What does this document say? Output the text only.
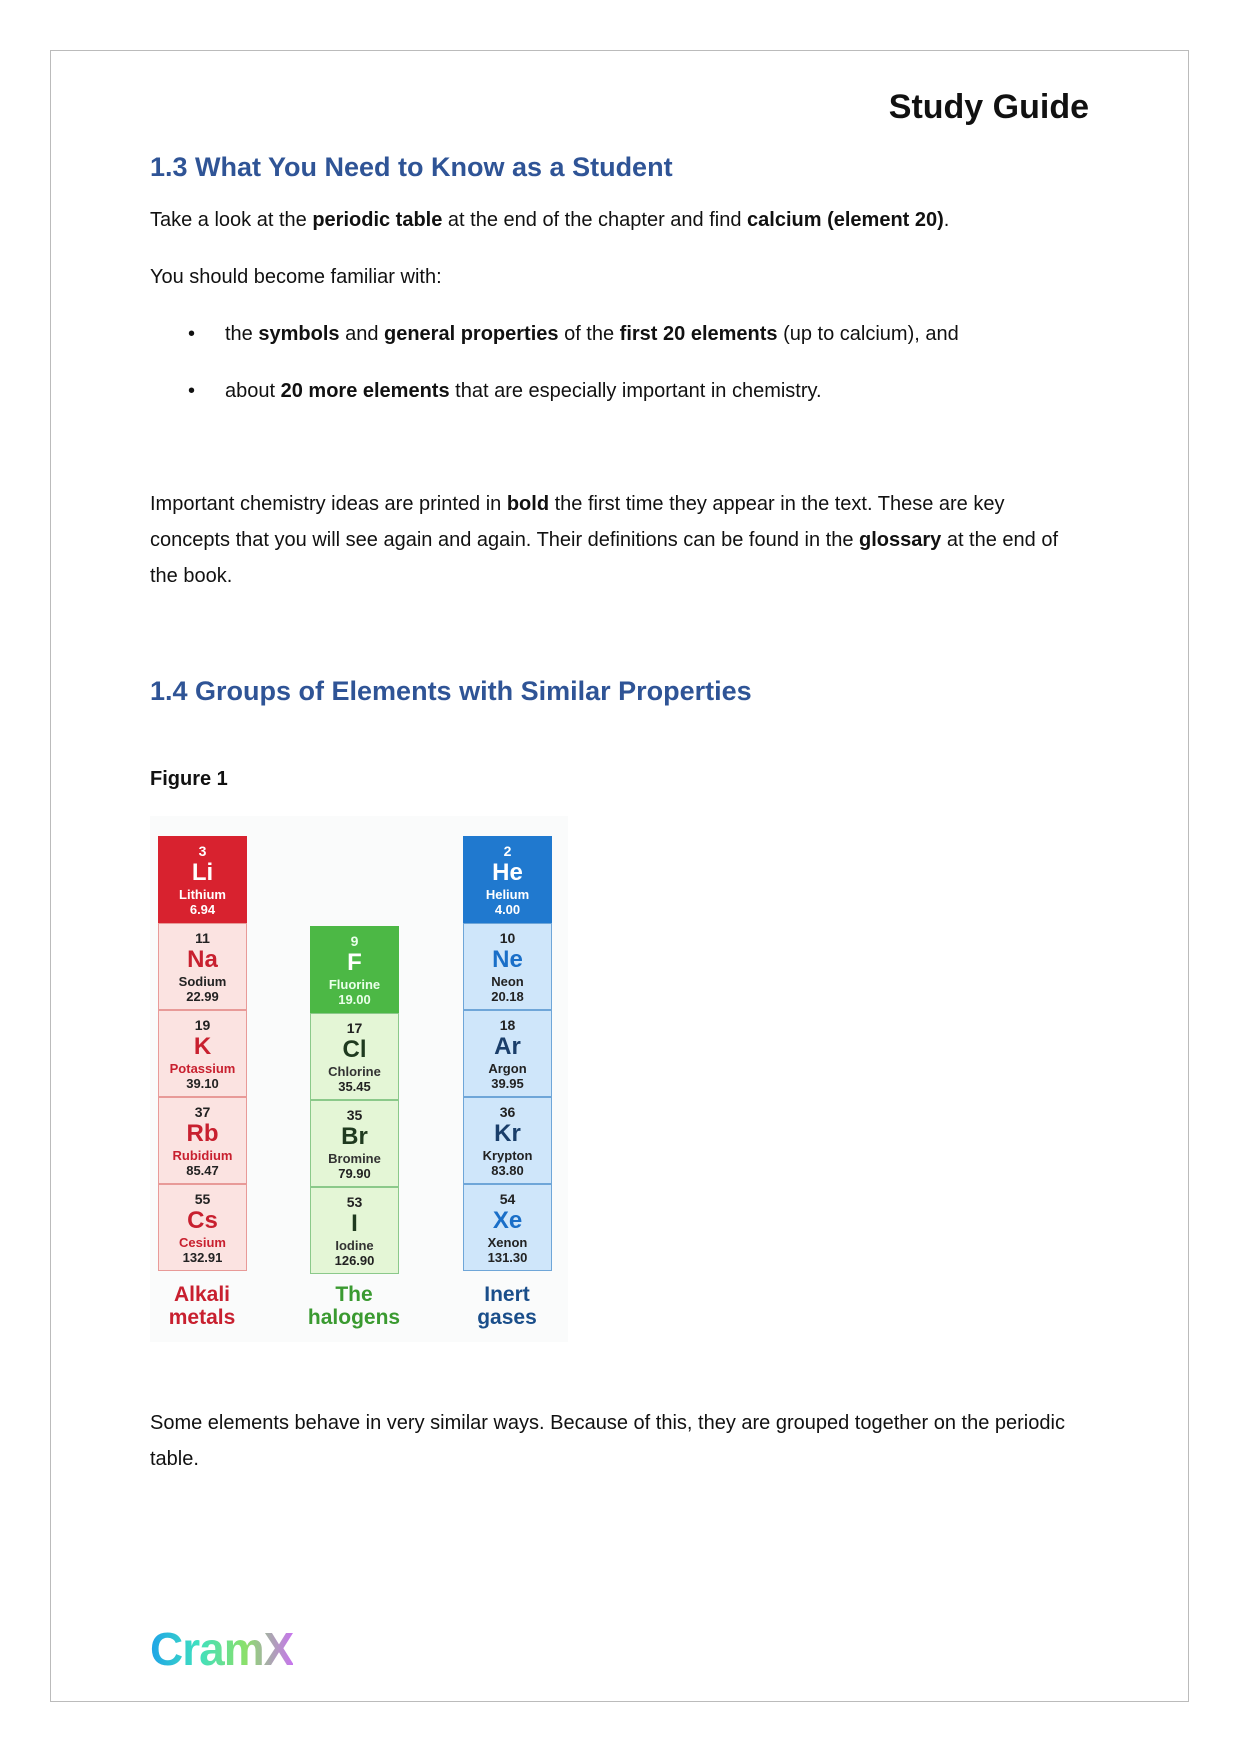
Study Guide
1.3 What You Need to Know as a Student
Take a look at the periodic table at the end of the chapter and find calcium (element 20).
You should become familiar with:
• the symbols and general properties of the first 20 elements (up to calcium), and
• about 20 more elements that are especially important in chemistry.
Important chemistry ideas are printed in bold the first time they appear in the text. These are key concepts that you will see again and again. Their definitions can be found in the glossary at the end of the book.
1.4 Groups of Elements with Similar Properties
Figure 1
3
Li
Lithium
6.94
11
Na
Sodium
22.99
19
K
Potassium
39.10
37
Rb
Rubidium
85.47
55
Cs
Cesium
132.91
Alkali
metals
9
F
Fluorine
19.00
17
Cl
Chlorine
35.45
35
Br
Bromine
79.90
53
I
Iodine
126.90
The
halogens
2
He
Helium
4.00
10
Ne
Neon
20.18
18
Ar
Argon
39.95
36
Kr
Krypton
83.80
54
Xe
Xenon
131.30
Inert
gases
Some elements behave in very similar ways. Because of this, they are grouped together on the periodic table.
CramX
